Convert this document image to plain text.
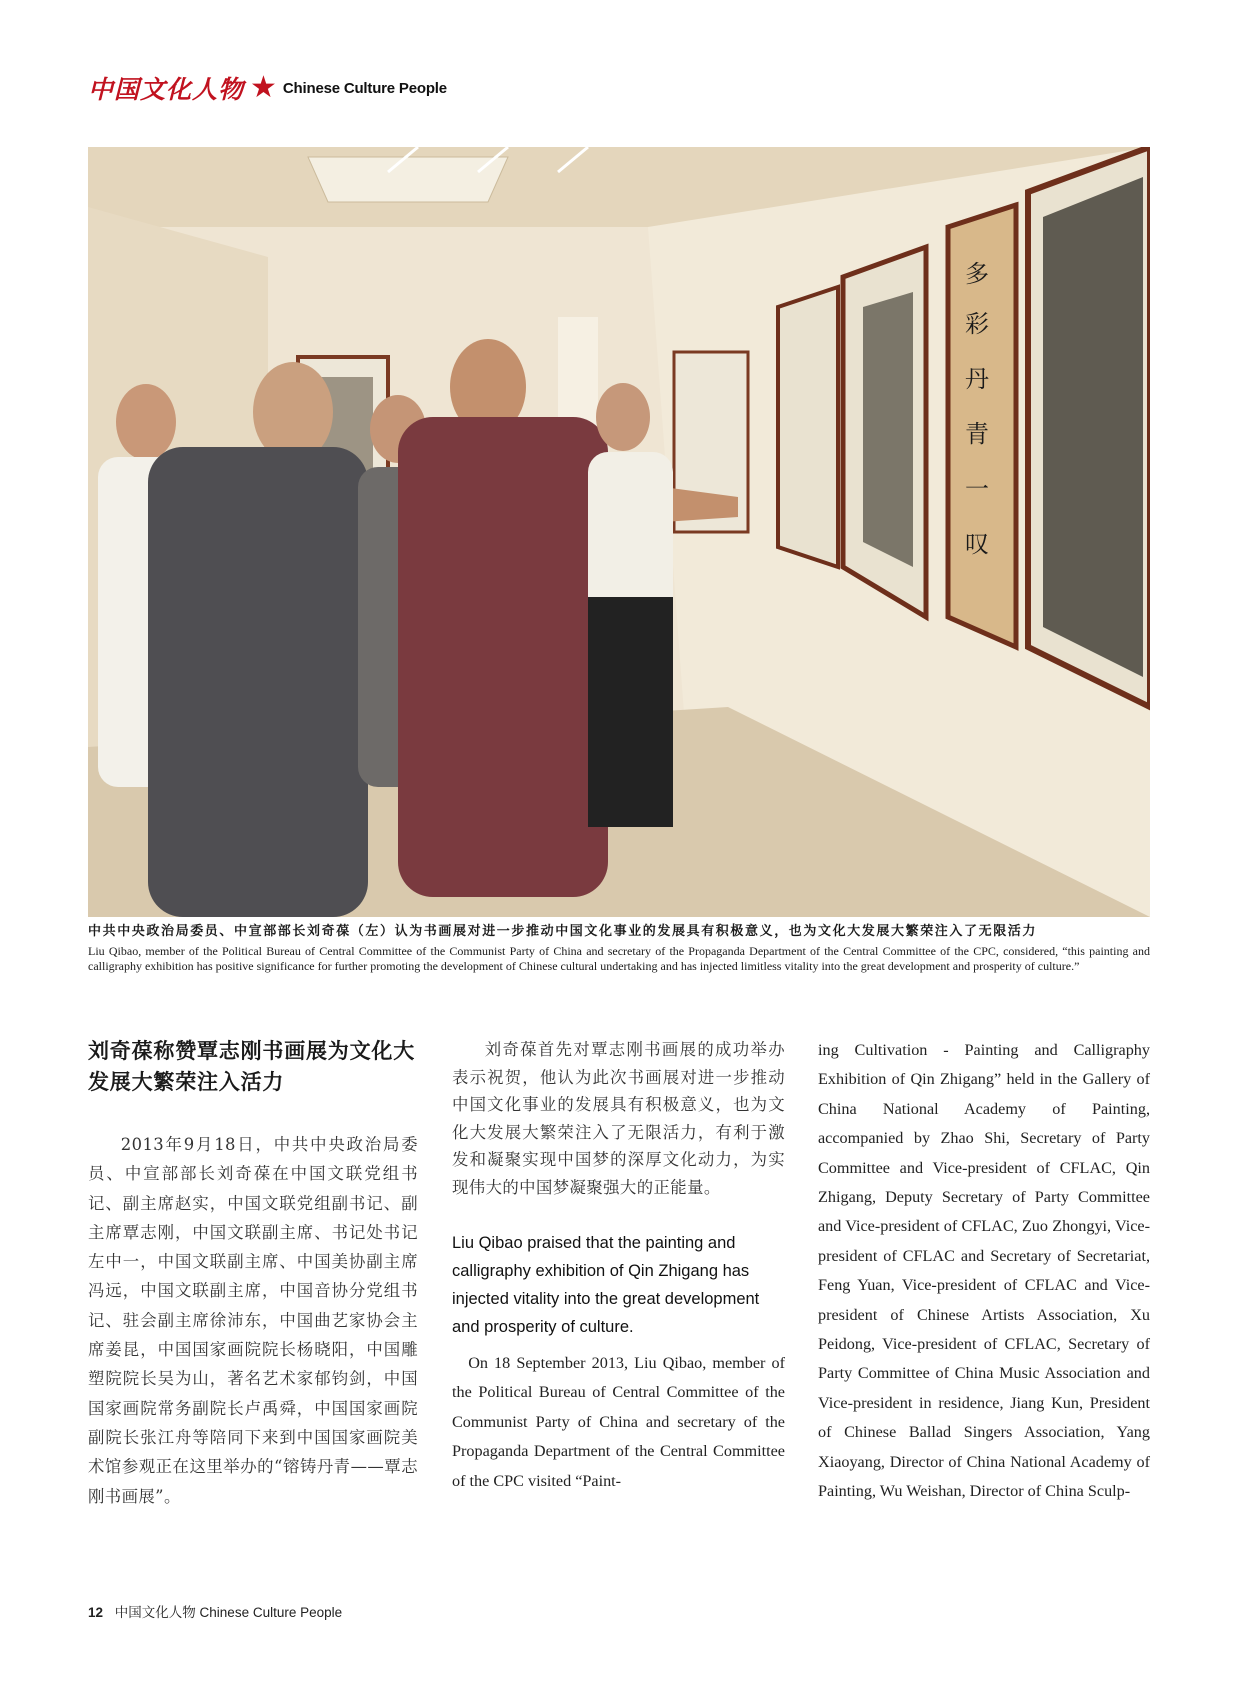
中国文化人物 ★ Chinese Culture People
多
彩
丹
青
一
叹

中共中央政治局委员、中宣部部长刘奇葆（左）认为书画展对进一步推动中国文化事业的发展具有积极意义，也为文化大发展大繁荣注入了无限活力

Liu Qibao, member of the Political Bureau of Central Committee of the Communist Party of China and secretary of the Propaganda Department of the Central Committee of the CPC, considered, “this painting and calligraphy exhibition has positive significance for further promoting the development of Chinese cultural undertaking and has injected limitless vitality into the great development and prosperity of culture.”

刘奇葆称赞覃志刚书画展为文化大发展大繁荣注入活力

2013年9月18日，中共中央政治局委员、中宣部部长刘奇葆在中国文联党组书记、副主席赵实，中国文联党组副书记、副主席覃志刚，中国文联副主席、书记处书记左中一，中国文联副主席、中国美协副主席冯远，中国文联副主席，中国音协分党组书记、驻会副主席徐沛东，中国曲艺家协会主席姜昆，中国国家画院院长杨晓阳，中国雕塑院院长吴为山，著名艺术家郁钧剑，中国国家画院常务副院长卢禹舜，中国国家画院副院长张江舟等陪同下来到中国国家画院美术馆参观正在这里举办的“镕铸丹青——覃志刚书画展”。

刘奇葆首先对覃志刚书画展的成功举办表示祝贺，他认为此次书画展对进一步推动中国文化事业的发展具有积极意义，也为文化大发展大繁荣注入了无限活力，有利于激发和凝聚实现中国梦的深厚文化动力，为实现伟大的中国梦凝聚强大的正能量。

Liu Qibao praised that the painting and calligraphy exhibition of Qin Zhigang has injected vitality into the great development and prosperity of culture.

On 18 September 2013, Liu Qibao, member of the Political Bureau of Central Committee of the Communist Party of China and secretary of the Propaganda Department of the Central Committee of the CPC visited “Paint-

ing Cultivation - Painting and Calligraphy Exhibition of Qin Zhigang” held in the Gallery of China National Academy of Painting, accompanied by Zhao Shi, Secretary of Party Committee and Vice-president of CFLAC, Qin Zhigang, Deputy Secretary of Party Committee and Vice-president of CFLAC, Zuo Zhongyi, Vice-president of CFLAC and Secretary of Secretariat, Feng Yuan, Vice-president of CFLAC and Vice-president of Chinese Artists Association, Xu Peidong, Vice-president of CFLAC, Secretary of Party Committee of China Music Association and Vice-president in residence, Jiang Kun, President of Chinese Ballad Singers Association, Yang Xiaoyang, Director of China National Academy of Painting, Wu Weishan, Director of China Sculp-

12 中国文化人物 Chinese Culture People
